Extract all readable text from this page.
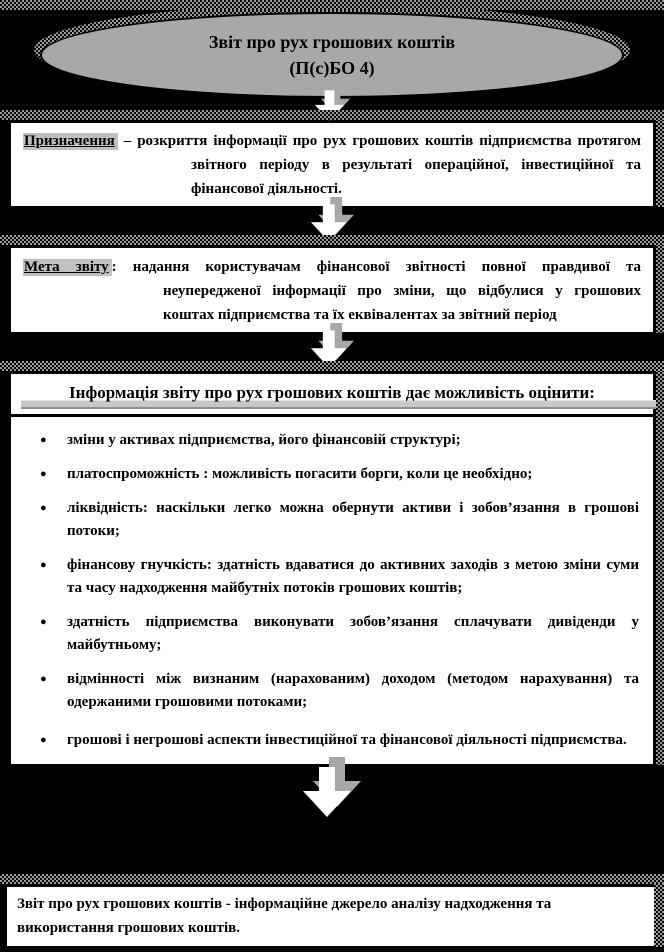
Звіт про рух грошових коштів
(П(с)БО 4)

Призначення – розкриття інформації про рух грошових коштів підприємства протягом звітного періоду в результаті операційної, інвестиційної та фінансової діяльності.

Мета звіту : надання користувачам фінансової звітності повної правдивої та неупередженої інформації про зміни, що відбулися у грошових коштах підприємства та їх еквівалентах за звітний період

Інформація звіту про рух грошових коштів дає можливість оцінити:
● зміни у активах підприємства, його фінансовій структурі;
● платоспроможність : можливість погасити борги, коли це необхідно;
● ліквідність: наскільки легко можна обернути активи і зобов’язання в грошові потоки;
● фінансову гнучкість: здатність вдаватися до активних заходів з метою зміни суми та часу надходження майбутніх потоків грошових коштів;
● здатність підприємства виконувати зобов’язання сплачувати дивіденди у майбутньому;
● відмінності між визнаним (нарахованим) доходом (методом нарахування) та одержаними грошовими потоками;
● грошові і негрошові аспекти інвестиційної та фінансової діяльності підприємства.

Звіт про рух грошових коштів - інформаційне джерело аналізу надходження та використання грошових коштів.
